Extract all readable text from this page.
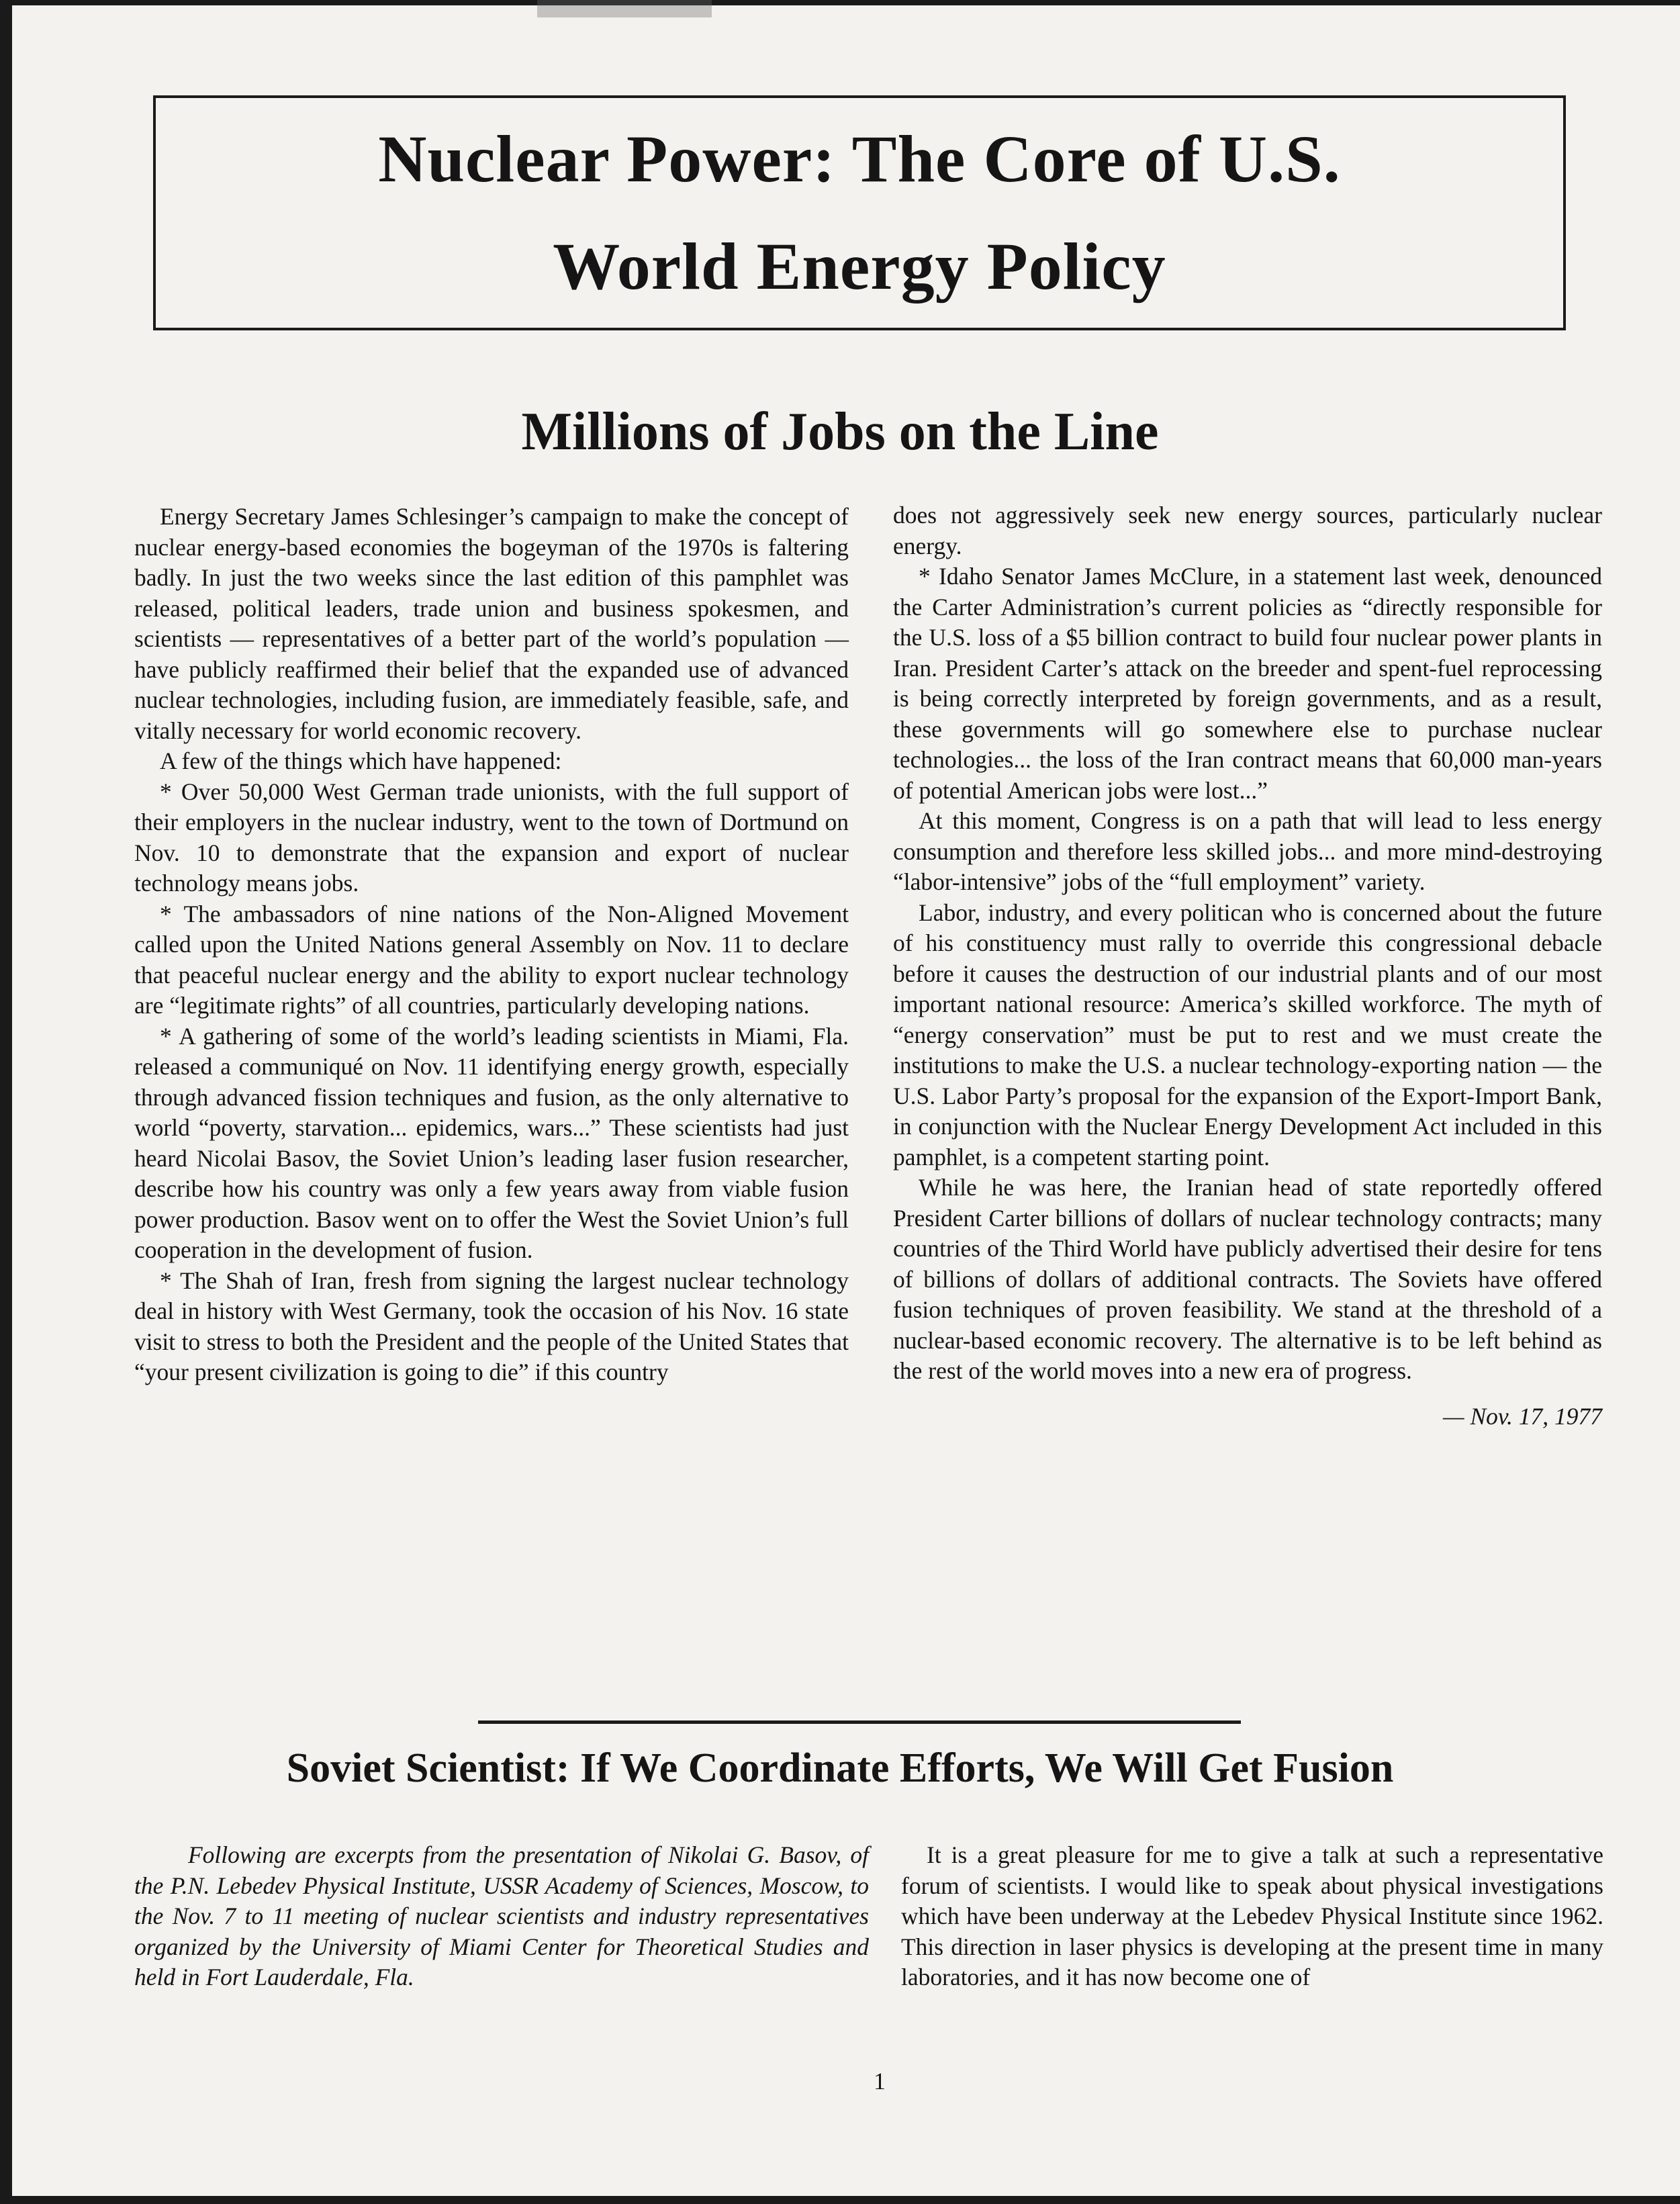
Nuclear Power: The Core of U.S.
World Energy Policy
Millions of Jobs on the Line

Energy Secretary James Schlesinger’s campaign to make the concept of nuclear energy-based economies the bogeyman of the 1970s is faltering badly. In just the two weeks since the last edition of this pamphlet was released, political leaders, trade union and business spokesmen, and scientists — representatives of a better part of the world’s population — have publicly reaffirmed their belief that the expanded use of advanced nuclear technologies, including fusion, are immediately feasible, safe, and vitally necessary for world economic recovery.

A few of the things which have happened:

* Over 50,000 West German trade unionists, with the full support of their employers in the nuclear industry, went to the town of Dortmund on Nov. 10 to demonstrate that the expansion and export of nuclear technology means jobs.

* The ambassadors of nine nations of the Non-Aligned Movement called upon the United Nations general Assembly on Nov. 11 to declare that peaceful nuclear energy and the ability to export nuclear technology are “legitimate rights” of all countries, particularly developing nations.

* A gathering of some of the world’s leading scientists in Miami, Fla. released a communiqué on Nov. 11 identifying energy growth, especially through advanced fission techniques and fusion, as the only alternative to world “poverty, starvation... epidemics, wars...” These scientists had just heard Nicolai Basov, the Soviet Union’s leading laser fusion researcher, describe how his country was only a few years away from viable fusion power production. Basov went on to offer the West the Soviet Union’s full cooperation in the development of fusion.

* The Shah of Iran, fresh from signing the largest nuclear technology deal in history with West Germany, took the occasion of his Nov. 16 state visit to stress to both the President and the people of the United States that “your present civilization is going to die” if this country

does not aggressively seek new energy sources, particularly nuclear energy.

* Idaho Senator James McClure, in a statement last week, denounced the Carter Administration’s current policies as “directly responsible for the U.S. loss of a $5 billion contract to build four nuclear power plants in Iran. President Carter’s attack on the breeder and spent-fuel reprocessing is being correctly interpreted by foreign governments, and as a result, these governments will go somewhere else to purchase nuclear technologies... the loss of the Iran contract means that 60,000 man-years of potential American jobs were lost...”

At this moment, Congress is on a path that will lead to less energy consumption and therefore less skilled jobs... and more mind-destroying “labor-intensive” jobs of the “full employment” variety.

Labor, industry, and every politican who is concerned about the future of his constituency must rally to override this congressional debacle before it causes the destruction of our industrial plants and of our most important national resource: America’s skilled workforce. The myth of “energy conservation” must be put to rest and we must create the institutions to make the U.S. a nuclear technology-exporting nation — the U.S. Labor Party’s proposal for the expansion of the Export-Import Bank, in conjunction with the Nuclear Energy Development Act included in this pamphlet, is a competent starting point.

While he was here, the Iranian head of state reportedly offered President Carter billions of dollars of nuclear technology contracts; many countries of the Third World have publicly advertised their desire for tens of billions of dollars of additional contracts. The Soviets have offered fusion techniques of proven feasibility. We stand at the threshold of a nuclear-based economic recovery. The alternative is to be left behind as the rest of the world moves into a new era of progress.

— Nov. 17, 1977

Soviet Scientist: If We Coordinate Efforts, We Will Get Fusion

Following are excerpts from the presentation of Nikolai G. Basov, of the P.N. Lebedev Physical Institute, USSR Academy of Sciences, Moscow, to the Nov. 7 to 11 meeting of nuclear scientists and industry representatives organized by the University of Miami Center for Theoretical Studies and held in Fort Lauderdale, Fla.

It is a great pleasure for me to give a talk at such a representative forum of scientists. I would like to speak about physical investigations which have been underway at the Lebedev Physical Institute since 1962. This direction in laser physics is developing at the present time in many laboratories, and it has now become one of

1
